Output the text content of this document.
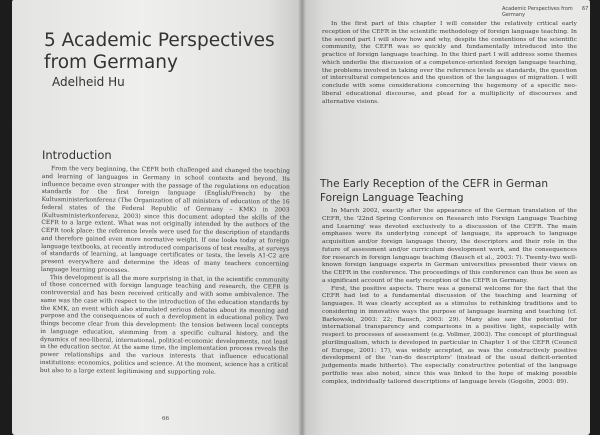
5 Academic Perspectives from Germany
Adelheid Hu
Introduction

From the very beginning, the CEFR both challenged and changed the teaching and learning of languages in Germany in school contexts and beyond. Its influence became even stronger with the passage of the regulations on education standards for the first foreign language (English/French) by the Kultusministerkonferenz (The Organization of all ministers of education of the 16 federal states of the Federal Republic of Germany – KMK) in 2003 (Kultusministerkonferenz, 2003) since this document adopted the skills of the CEFR to a large extent. What was not originally intended by the authors of the CEFR took place: the reference levels were used for the description of standards and therefore gained even more normative weight. If one looks today at foreign language textbooks, at recently introduced comparisons of test results, at surveys of standards of learning, at language certificates or tests, the levels A1-C2 are present everywhere and determine the ideas of many teachers concerning language learning processes.

This development is all the more surprising in that, in the scientific community of those concerned with foreign language teaching and research, the CEFR is controversial and has been received critically and with some ambivalence. The same was the case with respect to the introduction of the education standards by the KMK, an event which also stimulated serious debates about its meaning and purpose and the consequences of such a development in educational policy. Two things become clear from this development: the tension between local concepts in language education, stemming from a specific cultural history, and the dynamics of neo-liberal, international, political-economic developments, not least in the education sector. At the same time, the implementation process reveals the power relationships and the various interests that influence educational institutions: economics, politics and science. At the moment, science has a critical but also to a large extent legitimising and supporting role.

66
Academic Perspectives from Germany
67

In the first part of this chapter I will consider the relatively critical early reception of the CEFR in the scientific methodology of foreign language teaching. In the second part I will show how and why, despite the contentions of the scientific community, the CEFR was so quickly and fundamentally introduced into the practice of foreign language teaching. In the third part I will address some themes which underlie the discussion of a competence-oriented foreign language teaching, the problems involved in taking over the reference levels as standards, the question of intercultural competences and the question of the languages of migration. I will conclude with some considerations concerning the hegemony of a specific neo-liberal educational discourse, and plead for a multiplicity of discourses and alternative visions.

The Early Reception of the CEFR in German Foreign Language Teaching

In March 2002, exactly after the appearance of the German translation of the CEFR, the '22nd Spring Conference on Research into Foreign Language Teaching and Learning' was devoted exclusively to a discussion of the CEFR. The main emphases were its underlying concept of language, its approach to language acquisition and/or foreign language theory, the descriptors and their role in the future of assessment and/or curriculum development work, and the consequences for research in foreign language teaching (Bausch et al., 2003: 7). Twenty-two well-known foreign language experts in German universities presented their views on the CEFR in the conference. The proceedings of this conference can thus be seen as a significant account of the early reception of the CEFR in Germany.

First, the positive aspects. There was a general welcome for the fact that the CEFR had led to a fundamental discussion of the teaching and learning of languages. It was clearly accepted as a stimulus to rethinking traditions and to considering in innovative ways the purpose of language learning and teaching (cf. Barkowski, 2003: 22; Bausch, 2003: 29). Many also saw the potential for international transparency and comparisons in a positive light, especially with respect to processes of assessment (e.g. Vollmer, 2003). The concept of plurilingual plurilingualism, which is developed in particular in Chapter 1 of the CEFR (Council of Europe, 2001: 17), was widely accepted, as was the constructively positive development of the 'can-do descriptors' (instead of the usual deficit-oriented judgements made hitherto). The especially constructive potential of the language portfolio was also noted, since this was linked to the hope of making possible complex, individually tailored descriptions of language levels (Gogolin, 2003: 89).
